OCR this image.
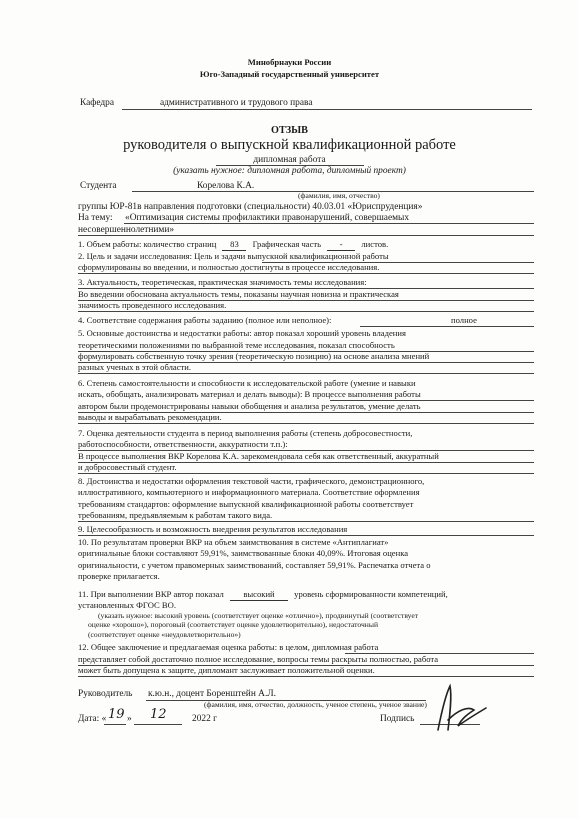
Минобрнауки России
Юго-Западный государственный университет
Кафедра	административного и трудового права
ОТЗЫВ
руководителя о выпускной квалификационной работе
дипломная работа
(указать нужное: дипломная работа, дипломный проект)
Студента	Корелова К.А.
(фамилия, имя, отчество)
группы ЮР-81в направления подготовки (специальности) 40.03.01 «Юриспруденция»
На тему: «Оптимизация системы профилактики правонарушений, совершаемых
несовершеннолетними»
1. Объем работы: количество страниц 83 Графическая часть - листов.
2. Цель и задачи исследования: Цель и задачи выпускной квалификационной работы
сформулированы во введении, и полностью достигнуты в процессе исследования.
3. Актуальность, теоретическая, практическая значимость темы исследования:
Во введении обоснована актуальность темы, показаны научная новизна и практическая
значимость проведенного исследования.
4. Соответствие содержания работы заданию (полное или неполное):	полное
5. Основные достоинства и недостатки работы: автор показал хороший уровень владения
теоретическими положениями по выбранной теме исследования, показал способность
формулировать собственную точку зрения (теоретическую позицию) на основе анализа мнений
разных ученых в этой области.
6. Степень самостоятельности и способности к исследовательской работе (умение и навыки
искать, обобщать, анализировать материал и делать выводы): В процессе выполнения работы
автором были продемонстрированы навыки обобщения и анализа результатов, умение делать
выводы и вырабатывать рекомендации.
7. Оценка деятельности студента в период выполнения работы (степень добросовестности,
работоспособности, ответственности, аккуратности т.п.):
В процессе выполнения ВКР Корелова К.А. зарекомендовала себя как ответственный, аккуратный
и добросовестный студент.
8. Достоинства и недостатки оформления текстовой части, графического, демонстрационного,
иллюстративного, компьютерного и информационного материала. Соответствие оформления
требованиям стандартов: оформление выпускной квалификационной работы соответствует
требованиям, предъявляемым к работам такого вида.
9. Целесообразность и возможность внедрения результатов исследования
10. По результатам проверки ВКР на объем заимствования в системе «Антиплагиат»
оригинальные блоки составляют 59,91%, заимствованные блоки 40,09%. Итоговая оценка
оригинальности, с учетом правомерных заимствований, составляет 59,91%. Распечатка отчета о
проверке прилагается.
11. При выполнении ВКР автор показал высокий уровень сформированности компетенций,
установленных ФГОС ВО.
(указать нужное: высокий уровень (соответствует оценке «отлично»), продвинутый (соответствует
оценке «хорошо»), пороговый (соответствует оценке удовлетворительно), недостаточный
(соответствует оценке «неудовлетворительно»)
12. Общее заключение и предлагаемая оценка работы: в целом, дипломная работа
представляет собой достаточно полное исследование, вопросы темы раскрыты полностью, работа
может быть допущена к защите, дипломант заслуживает положительной оценки.
Руководитель к.ю.н., доцент Боренштейн А.Л.
(фамилия, имя, отчество, должность, ученое степень, ученое звание)
Дата: « 19 » 12	2022 г	Подпись
